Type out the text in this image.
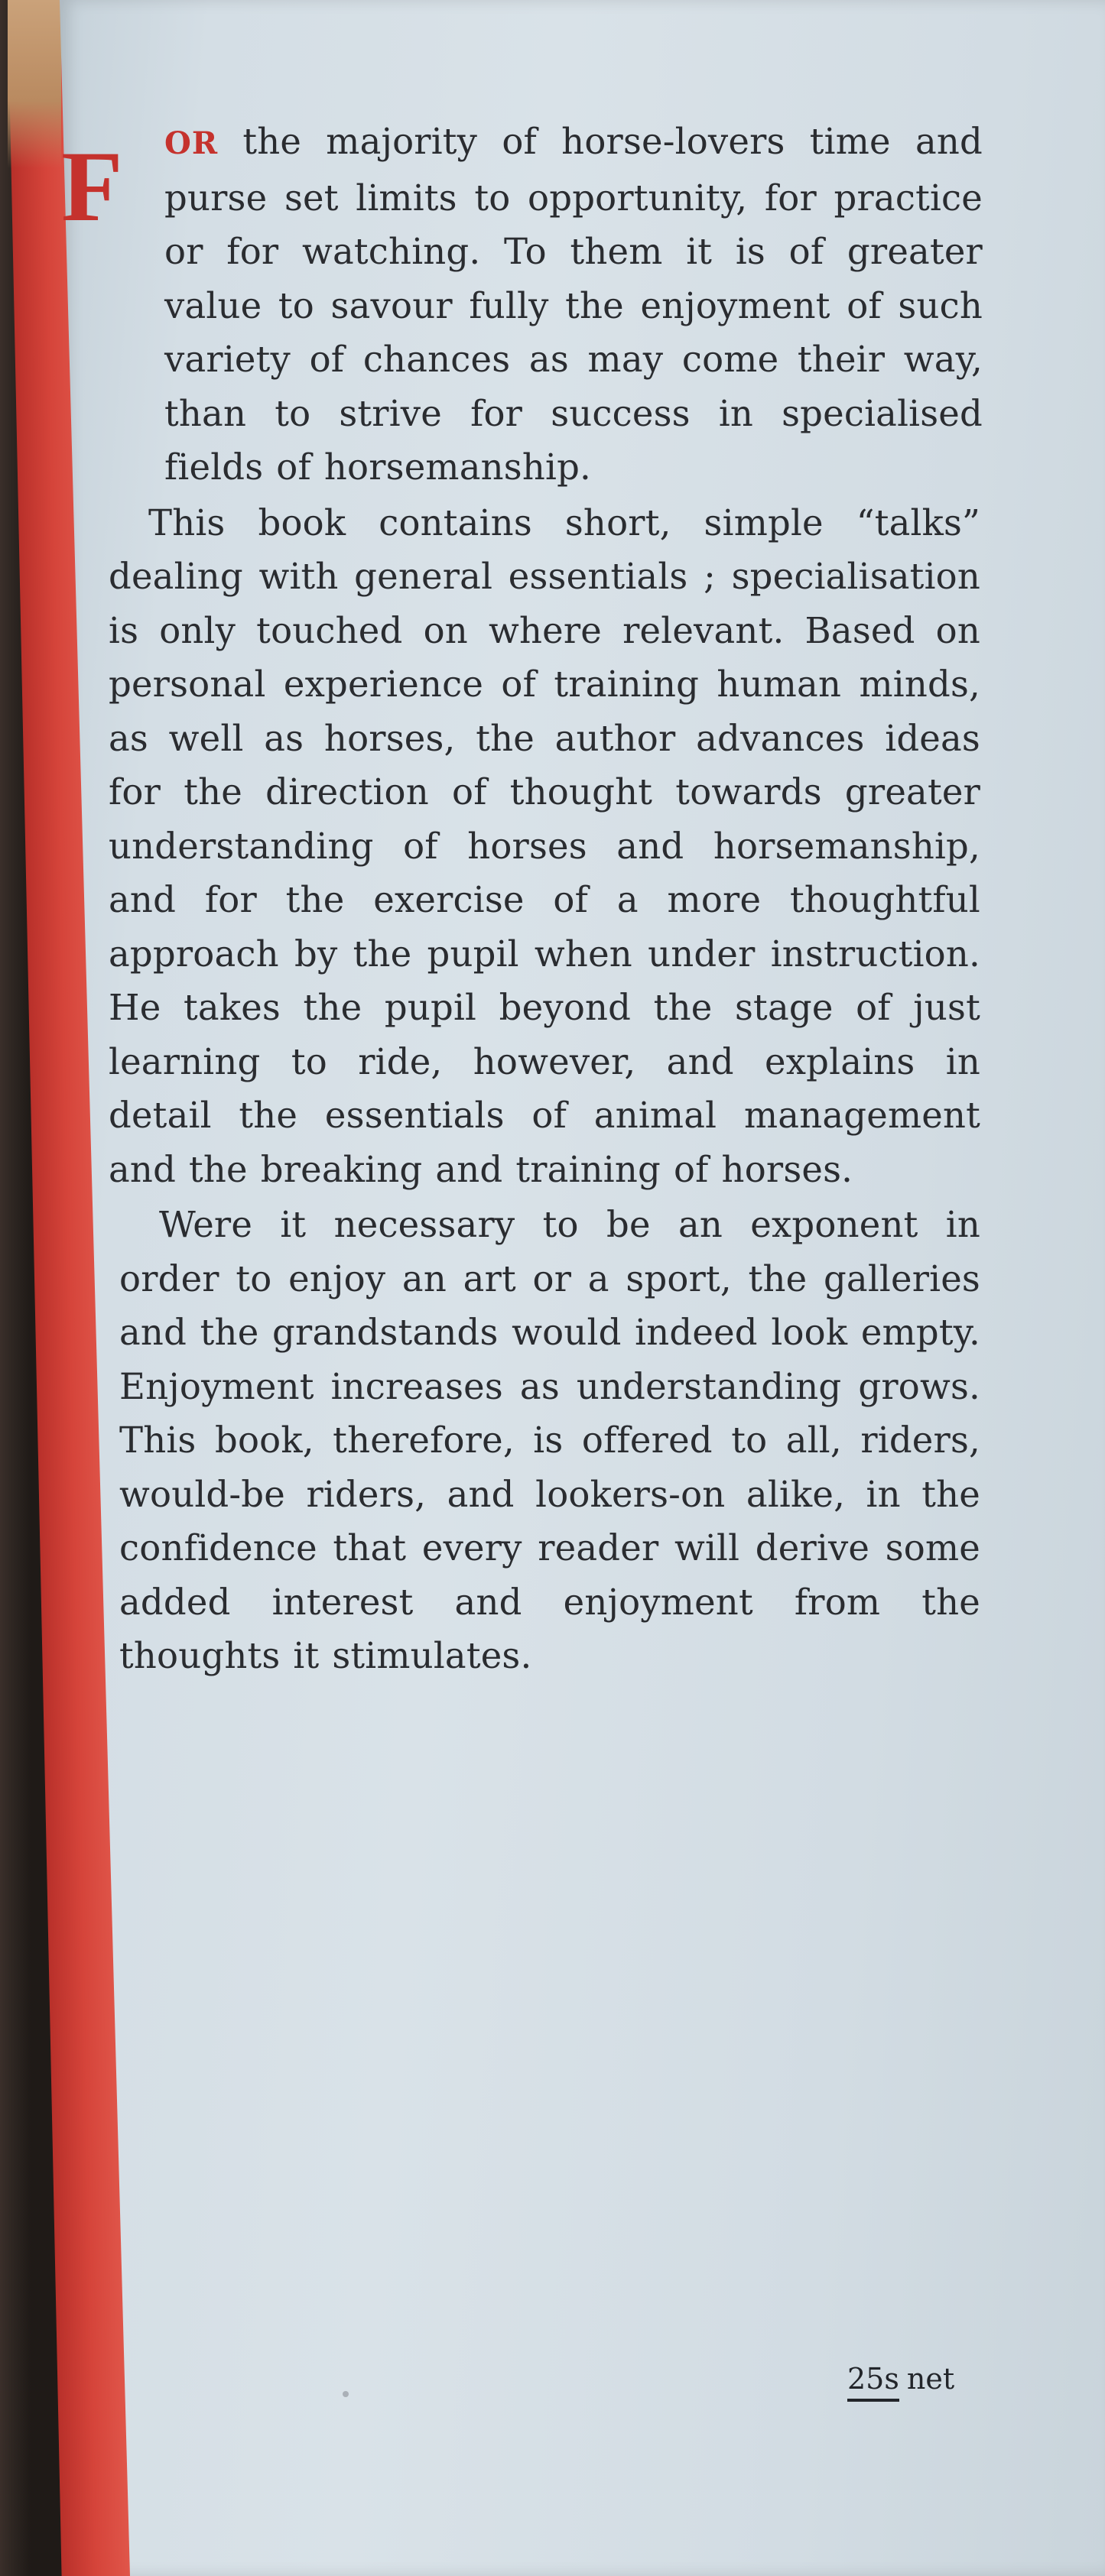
F	OR the majority of horse-lovers time and purse set limits to opportunity, for practice or for watching. To them it is of greater value to savour fully the enjoyment of such variety of chances as may come their way, than to strive for success in specialised fields of horsemanship.

This book contains short, simple “talks” dealing with general essentials ; specialisation is only touched on where relevant. Based on personal experience of training human minds, as well as horses, the author advances ideas for the direction of thought towards greater understanding of horses and horsemanship, and for the exercise of a more thoughtful approach by the pupil when under instruction. He takes the pupil beyond the stage of just learning to ride, however, and explains in detail the essentials of animal management and the breaking and training of horses.

Were it necessary to be an exponent in order to enjoy an art or a sport, the galleries and the grandstands would indeed look empty. Enjoyment increases as understanding grows. This book, therefore, is offered to all, riders, would-be riders, and lookers-on alike, in the confidence that every reader will derive some added interest and enjoyment from the thoughts it stimulates.

25s net
